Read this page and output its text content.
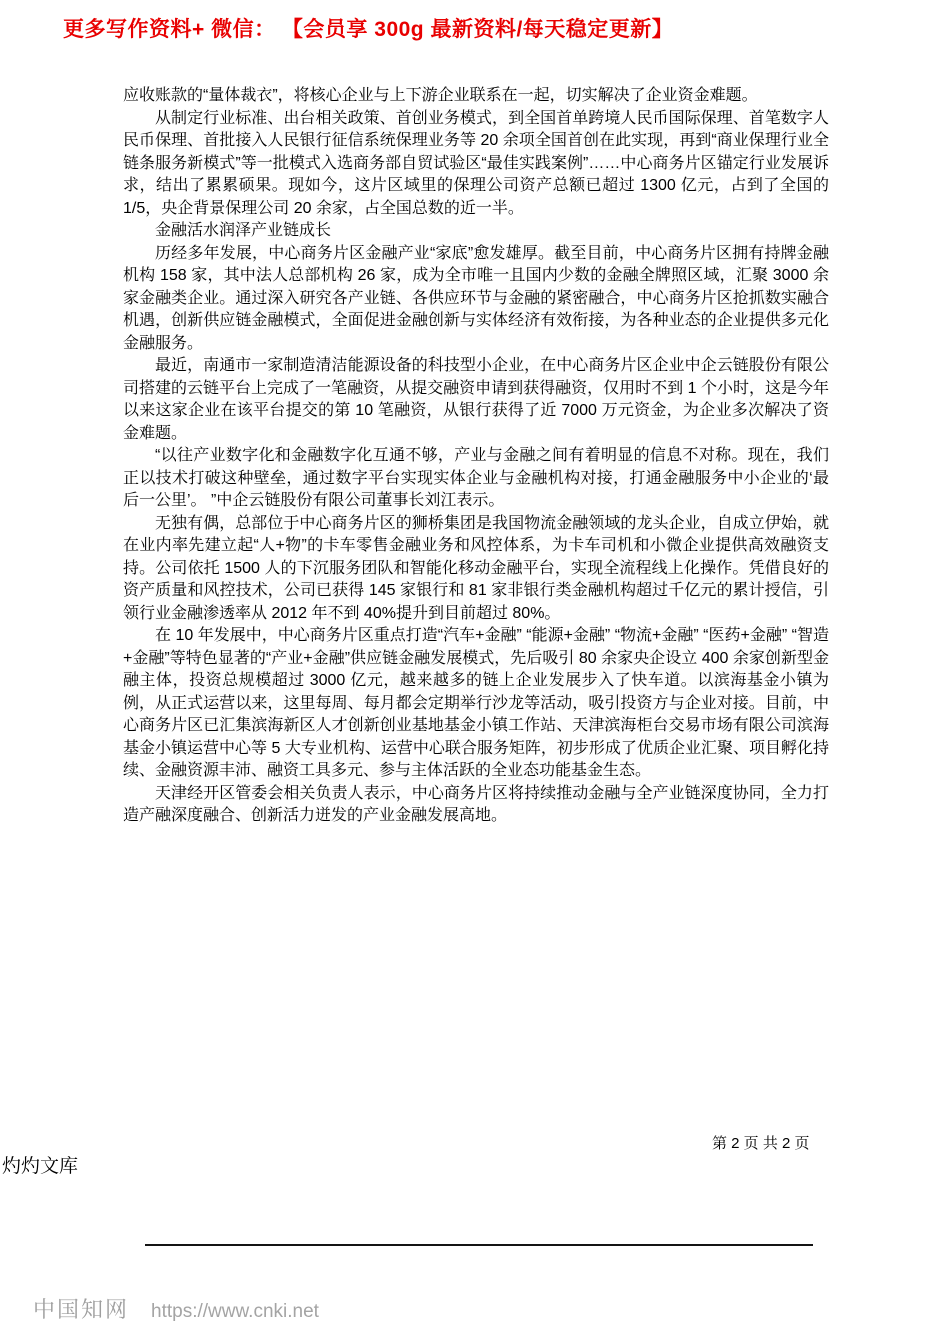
更多写作资料+ 微信： 【会员享 300g 最新资料/每天稳定更新】

应收账款的“量体裁衣”，将核心企业与上下游企业联系在一起，切实解决了企业资金难题。

从制定行业标准、出台相关政策、首创业务模式，到全国首单跨境人民币国际保理、首笔数字人民币保理、首批接入人民银行征信系统保理业务等 20 余项全国首创在此实现，再到“商业保理行业全链条服务新模式”等一批模式入选商务部自贸试验区“最佳实践案例”……中心商务片区锚定行业发展诉求，结出了累累硕果。现如今，这片区域里的保理公司资产总额已超过 1300 亿元，占到了全国的 1/5，央企背景保理公司 20 余家，占全国总数的近一半。

金融活水润泽产业链成长

历经多年发展，中心商务片区金融产业“家底”愈发雄厚。截至目前，中心商务片区拥有持牌金融机构 158 家，其中法人总部机构 26 家，成为全市唯一且国内少数的金融全牌照区域，汇聚 3000 余家金融类企业。通过深入研究各产业链、各供应环节与金融的紧密融合，中心商务片区抢抓数实融合机遇，创新供应链金融模式，全面促进金融创新与实体经济有效衔接，为各种业态的企业提供多元化金融服务。

最近，南通市一家制造清洁能源设备的科技型小企业，在中心商务片区企业中企云链股份有限公司搭建的云链平台上完成了一笔融资，从提交融资申请到获得融资，仅用时不到 1 个小时，这是今年以来这家企业在该平台提交的第 10 笔融资，从银行获得了近 7000 万元资金，为企业多次解决了资金难题。

“以往产业数字化和金融数字化互通不够，产业与金融之间有着明显的信息不对称。现在，我们正以技术打破这种壁垒，通过数字平台实现实体企业与金融机构对接，打通金融服务中小企业的‘最后一公里’。 ”中企云链股份有限公司董事长刘江表示。

无独有偶，总部位于中心商务片区的狮桥集团是我国物流金融领域的龙头企业，自成立伊始，就在业内率先建立起“人+物”的卡车零售金融业务和风控体系，为卡车司机和小微企业提供高效融资支持。公司依托 1500 人的下沉服务团队和智能化移动金融平台，实现全流程线上化操作。凭借良好的资产质量和风控技术，公司已获得 145 家银行和 81 家非银行类金融机构超过千亿元的累计授信，引领行业金融渗透率从 2012 年不到 40%提升到目前超过 80%。

在 10 年发展中，中心商务片区重点打造“汽车+金融” “能源+金融” “物流+金融” “医药+金融” “智造+金融”等特色显著的“产业+金融”供应链金融发展模式，先后吸引 80 余家央企设立 400 余家创新型金融主体，投资总规模超过 3000 亿元，越来越多的链上企业发展步入了快车道。以滨海基金小镇为例，从正式运营以来，这里每周、每月都会定期举行沙龙等活动，吸引投资方与企业对接。目前，中心商务片区已汇集滨海新区人才创新创业基地基金小镇工作站、天津滨海柜台交易市场有限公司滨海基金小镇运营中心等 5 大专业机构、运营中心联合服务矩阵，初步形成了优质企业汇聚、项目孵化持续、金融资源丰沛、融资工具多元、参与主体活跃的全业态功能基金生态。

天津经开区管委会相关负责人表示，中心商务片区将持续推动金融与全产业链深度协同，全力打造产融深度融合、创新活力迸发的产业金融发展高地。

第 2 页 共 2 页
灼灼文库
中国知网 https://www.cnki.net
